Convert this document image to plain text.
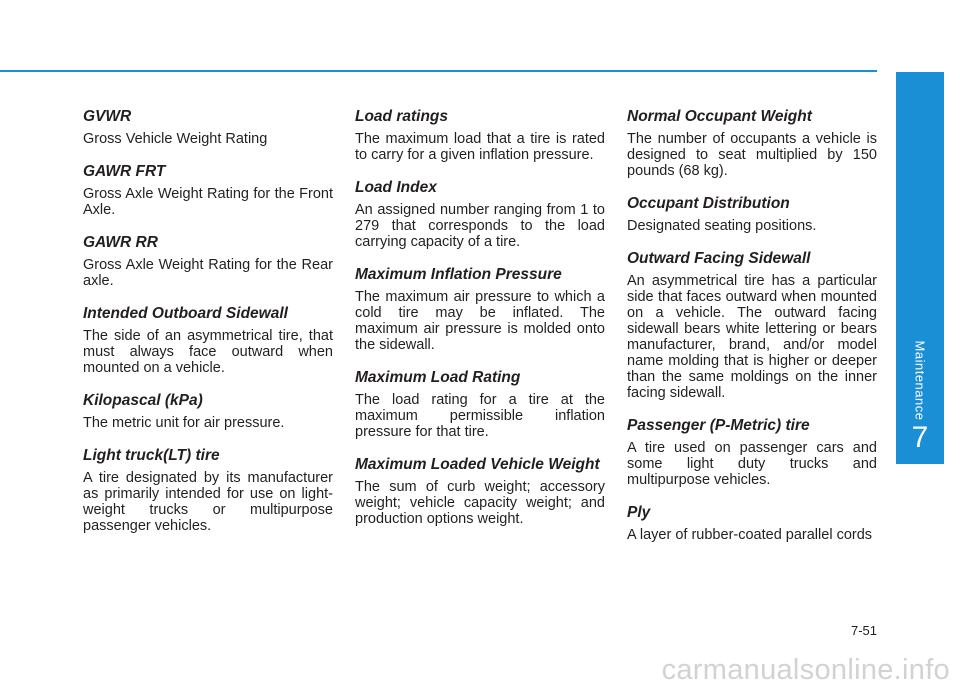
Maintenance
7
GVWR

Gross Vehicle Weight Rating

GAWR FRT

Gross Axle Weight Rating for the Front Axle.

GAWR RR

Gross Axle Weight Rating for the Rear axle.

Intended Outboard Sidewall

The side of an asymmetrical tire, that must always face outward when mounted on a vehicle.

Kilopascal (kPa)

The metric unit for air pressure.

Light truck(LT) tire

A tire designated by its manufacturer as primarily intended for use on light-weight trucks or multipurpose passenger vehicles.

Load ratings

The maximum load that a tire is rated to carry for a given inflation pressure.

Load Index

An assigned number ranging from 1 to 279 that corresponds to the load carrying capacity of a tire.

Maximum Inflation Pressure

The maximum air pressure to which a cold tire may be inflated. The maximum air pressure is molded onto the sidewall.

Maximum Load Rating

The load rating for a tire at the maximum permissible inflation pressure for that tire.

Maximum Loaded Vehicle Weight

The sum of curb weight; accessory weight; vehicle capacity weight; and production options weight.

Normal Occupant Weight

The number of occupants a vehicle is designed to seat multiplied by 150 pounds (68 kg).

Occupant Distribution

Designated seating positions.

Outward Facing Sidewall

An asymmetrical tire has a particular side that faces outward when mounted on a vehicle. The outward facing sidewall bears white lettering or bears manufacturer, brand, and/or model name molding that is higher or deeper than the same moldings on the inner facing sidewall.

Passenger (P-Metric) tire

A tire used on passenger cars and some light duty trucks and multipurpose vehicles.

Ply

A layer of rubber-coated parallel cords

7-51
carmanualsonline.info
